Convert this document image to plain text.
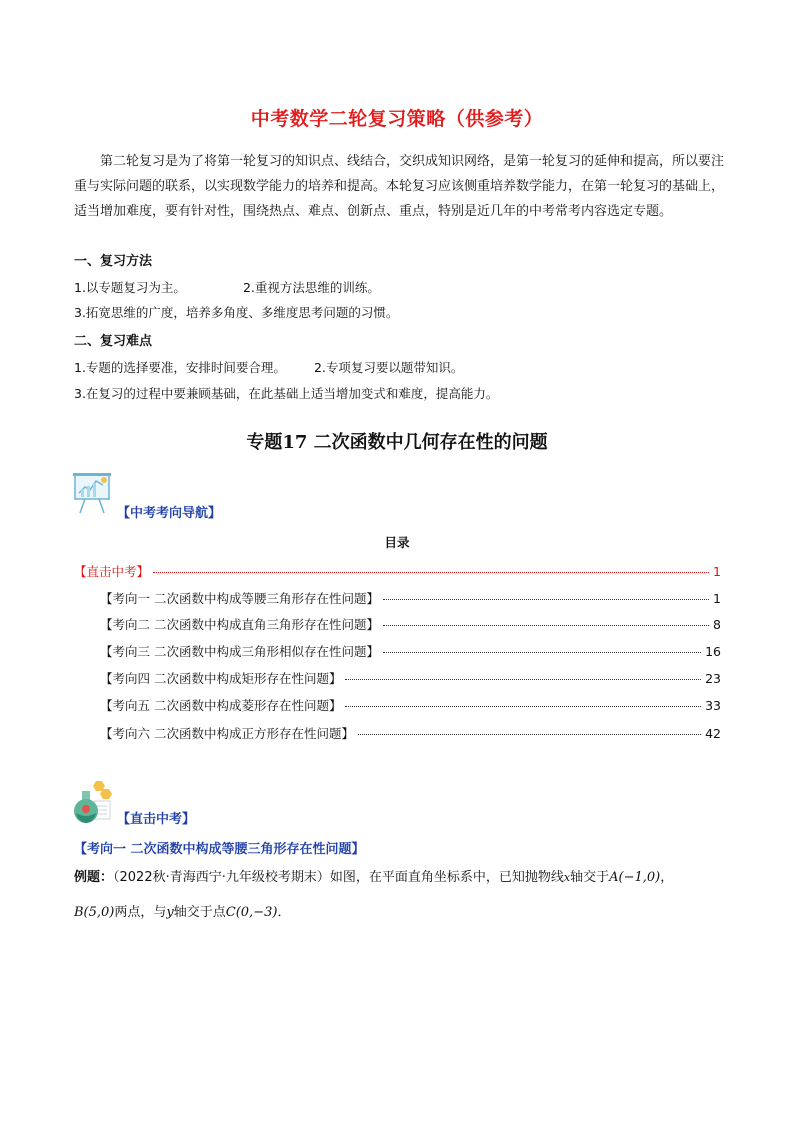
中考数学二轮复习策略（供参考）

第二轮复习是为了将第一轮复习的知识点、线结合，交织成知识网络，是第一轮复习的延伸和提高，所以要注重与实际问题的联系，以实现数学能力的培养和提高。本轮复习应该侧重培养数学能力，在第一轮复习的基础上，适当增加难度，要有针对性，围绕热点、难点、创新点、重点，特别是近几年的中考常考内容选定专题。

一、复习方法
1.以专题复习为主。	2.重视方法思维的训练。
3.拓宽思维的广度，培养多角度、多维度思考问题的习惯。
二、复习难点
1.专题的选择要准，安排时间要合理。 2.专项复习要以题带知识。
3.在复习的过程中要兼顾基础，在此基础上适当增加变式和难度，提高能力。
专题17 二次函数中几何存在性的问题
【中考考向导航】
目录
【直击中考】	1
【考向一 二次函数中构成等腰三角形存在性问题】	1
【考向二 二次函数中构成直角三角形存在性问题】	8
【考向三 二次函数中构成三角形相似存在性问题】	16
【考向四 二次函数中构成矩形存在性问题】	23
【考向五 二次函数中构成菱形存在性问题】	33
【考向六 二次函数中构成正方形存在性问题】	42
【直击中考】
【考向一 二次函数中构成等腰三角形存在性问题】
例题：（2022秋·青海西宁·九年级校考期末）如图，在平面直角坐标系中，已知抛物线x轴交于A(−1,0)，
B(5,0)两点，与y轴交于点C(0,−3)．
